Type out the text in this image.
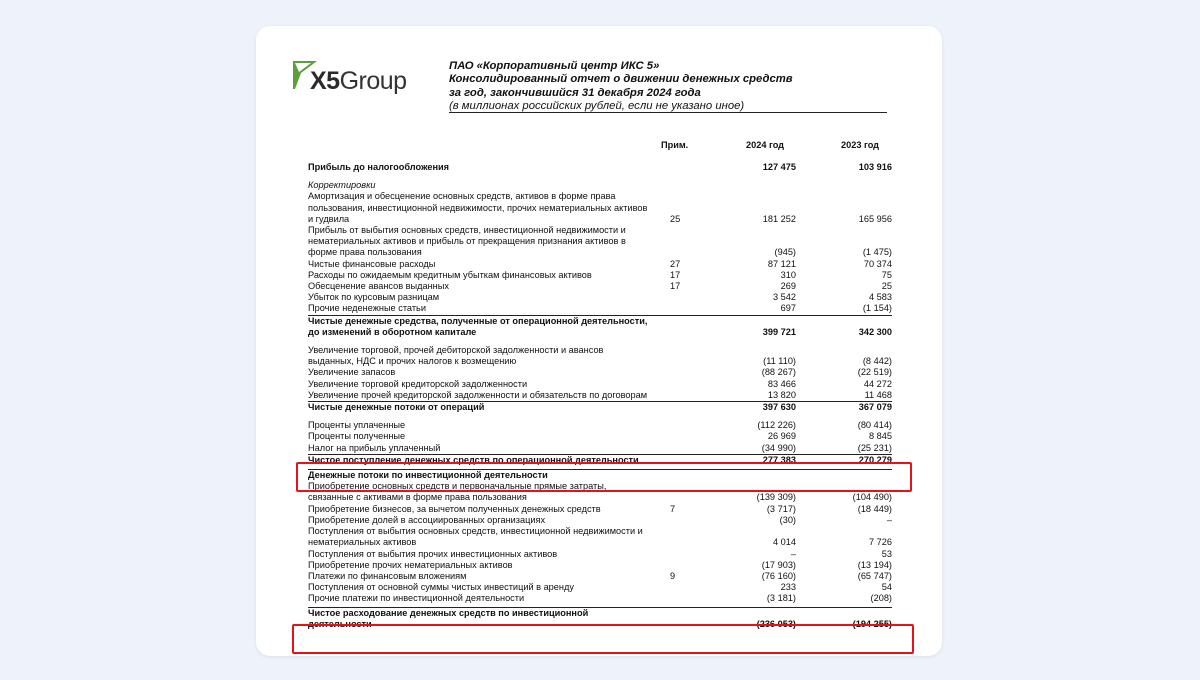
X5Group
ПАО «Корпоративный центр ИКС 5»
Консолидированный отчет о движении денежных средств
за год, закончившийся 31 декабря 2024 года
(в миллионах российских рублей, если не указано иное)
Прим.	2024 год	2023 год
Прибыль до налогообложения	127 475	103 916
Корректировки
Амортизация и обесценение основных средств, активов в форме права пользования, инвестиционной недвижимости, прочих нематериальных активов и гудвила	25	181 252	165 956
Прибыль от выбытия основных средств, инвестиционной недвижимости и нематериальных активов и прибыль от прекращения признания активов в форме права пользования	(945)	(1 475)
Чистые финансовые расходы	27	87 121	70 374
Расходы по ожидаемым кредитным убыткам финансовых активов	17	310	75
Обесценение авансов выданных	17	269	25
Убыток по курсовым разницам	3 542	4 583
Прочие неденежные статьи	697	(1 154)
Чистые денежные средства, полученные от операционной деятельности, до изменений в оборотном капитале	399 721	342 300
Увеличение торговой, прочей дебиторской задолженности и авансов выданных, НДС и прочих налогов к возмещению	(11 110)	(8 442)
Увеличение запасов	(88 267)	(22 519)
Увеличение торговой кредиторской задолженности	83 466	44 272
Увеличение прочей кредиторской задолженности и обязательств по договорам	13 820	11 468
Чистые денежные потоки от операций	397 630	367 079
Проценты уплаченные	(112 226)	(80 414)
Проценты полученные	26 969	8 845
Налог на прибыль уплаченный	(34 990)	(25 231)
Чистое поступление денежных средств по операционной деятельности	277 383	270 279
Денежные потоки по инвестиционной деятельности
Приобретение основных средств и первоначальные прямые затраты, связанные с активами в форме права пользования	(139 309)	(104 490)
Приобретение бизнесов, за вычетом полученных денежных средств	7	(3 717)	(18 449)
Приобретение долей в ассоциированных организациях	(30)	–
Поступления от выбытия основных средств, инвестиционной недвижимости и нематериальных активов	4 014	7 726
Поступления от выбытия прочих инвестиционных активов	–	53
Приобретение прочих нематериальных активов	(17 903)	(13 194)
Платежи по финансовым вложениям	9	(76 160)	(65 747)
Поступления от основной суммы чистых инвестиций в аренду	233	54
Прочие платежи по инвестиционной деятельности	(3 181)	(208)
Чистое расходование денежных средств по инвестиционной деятельности	(236 053)	(194 255)
